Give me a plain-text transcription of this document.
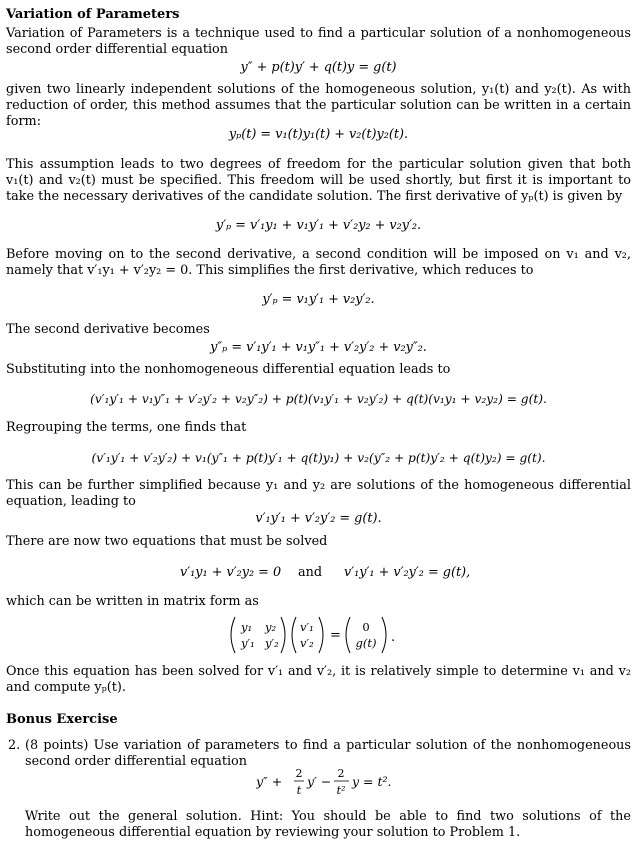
Variation of Parameters

Variation of Parameters is a technique used to find a particular solution of a nonhomogeneous second order differential equation

y″ + p(t)y′ + q(t)y = g(t)

given two linearly independent solutions of the homogeneous solution, y₁(t) and y₂(t). As with reduction of order, this method assumes that the particular solution can be written in a certain form:

yₚ(t) = v₁(t)y₁(t) + v₂(t)y₂(t).

This assumption leads to two degrees of freedom for the particular solution given that both v₁(t) and v₂(t) must be specified. This freedom will be used shortly, but first it is important to take the necessary derivatives of the candidate solution. The first derivative of yₚ(t) is given by

y′ₚ = v′₁y₁ + v₁y′₁ + v′₂y₂ + v₂y′₂.

Before moving on to the second derivative, a second condition will be imposed on v₁ and v₂, namely that v′₁y₁ + v′₂y₂ = 0. This simplifies the first derivative, which reduces to

y′ₚ = v₁y′₁ + v₂y′₂.

The second derivative becomes

y″ₚ = v′₁y′₁ + v₁y″₁ + v′₂y′₂ + v₂y″₂.

Substituting into the nonhomogeneous differential equation leads to

(v′₁y′₁ + v₁y″₁ + v′₂y′₂ + v₂y″₂) + p(t)(v₁y′₁ + v₂y′₂) + q(t)(v₁y₁ + v₂y₂) = g(t).

Regrouping the terms, one finds that

(v′₁y′₁ + v′₂y′₂) + v₁(y″₁ + p(t)y′₁ + q(t)y₁) + v₂(y″₂ + p(t)y′₂ + q(t)y₂) = g(t).

This can be further simplified because y₁ and y₂ are solutions of the homogeneous differential equation, leading to

v′₁y′₁ + v′₂y′₂ = g(t).

There are now two equations that must be solved

v′₁y₁ + v′₂y₂ = 0 and v′₁y′₁ + v′₂y′₂ = g(t),

which can be written in matrix form as

y₁ y₂
y′₁ y′₂
v′₁
v′₂ =
0
g(t) .

Once this equation has been solved for v′₁ and v′₂, it is relatively simple to determine v₁ and v₂ and compute yₚ(t).

Bonus Exercise
2. (8 points) Use variation of parameters to find a particular solution of the nonhomogeneous second order differential equation

y″ +
2
t
y′ −
2
t²
y = t².

Write out the general solution. Hint: You should be able to find two solutions of the homogeneous differential equation by reviewing your solution to Problem 1.
